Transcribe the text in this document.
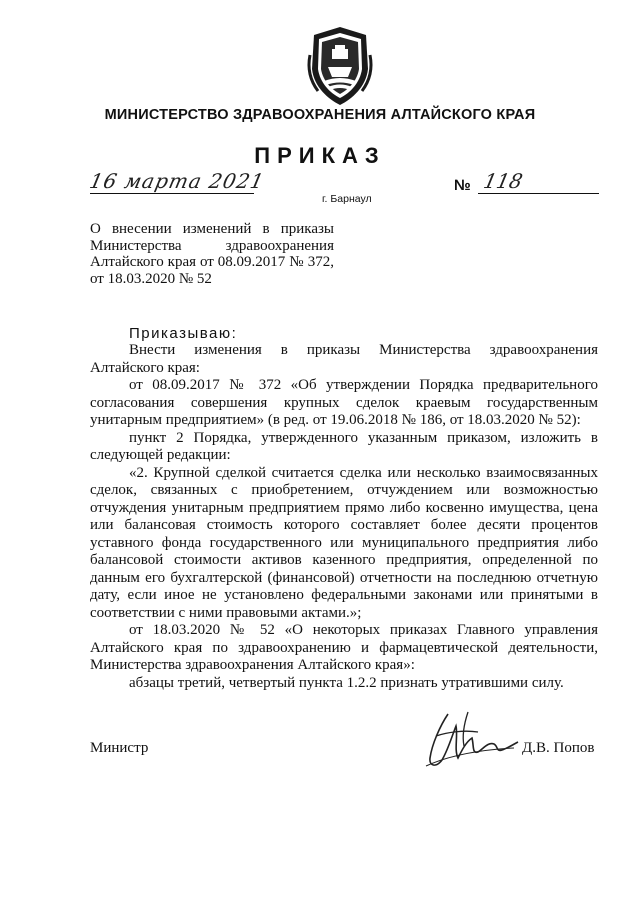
МИНИСТЕРСТВО ЗДРАВООХРАНЕНИЯ АЛТАЙСКОГО КРАЯ
ПРИКАЗ
16 марта 2021
г. Барнаул
№ 118
О внесении изменений в приказы Министерства здравоохранения Алтайского края от 08.09.2017 № 372, от 18.03.2020 № 52
Приказываю:

Внести изменения в приказы Министерства здравоохранения Алтайского края:

от 08.09.2017 № 372 «Об утверждении Порядка предварительного согласования совершения крупных сделок краевым государственным унитарным предприятием» (в ред. от 19.06.2018 № 186, от 18.03.2020 № 52):

пункт 2 Порядка, утвержденного указанным приказом, изложить в следующей редакции:

«2. Крупной сделкой считается сделка или несколько взаимосвязанных сделок, связанных с приобретением, отчуждением или возможностью отчуждения унитарным предприятием прямо либо косвенно имущества, цена или балансовая стоимость которого составляет более десяти процентов уставного фонда государственного или муниципального предприятия либо балансовой стоимости активов казенного предприятия, определенной по данным его бухгалтерской (финансовой) отчетности на последнюю отчетную дату, если иное не установлено федеральными законами или принятыми в соответствии с ними правовыми актами.»;

от 18.03.2020 № 52 «О некоторых приказах Главного управления Алтайского края по здравоохранению и фармацевтической деятельности, Министерства здравоохранения Алтайского края»:

абзацы третий, четвертый пункта 1.2.2 признать утратившими силу.

Министр	Д.В. Попов
